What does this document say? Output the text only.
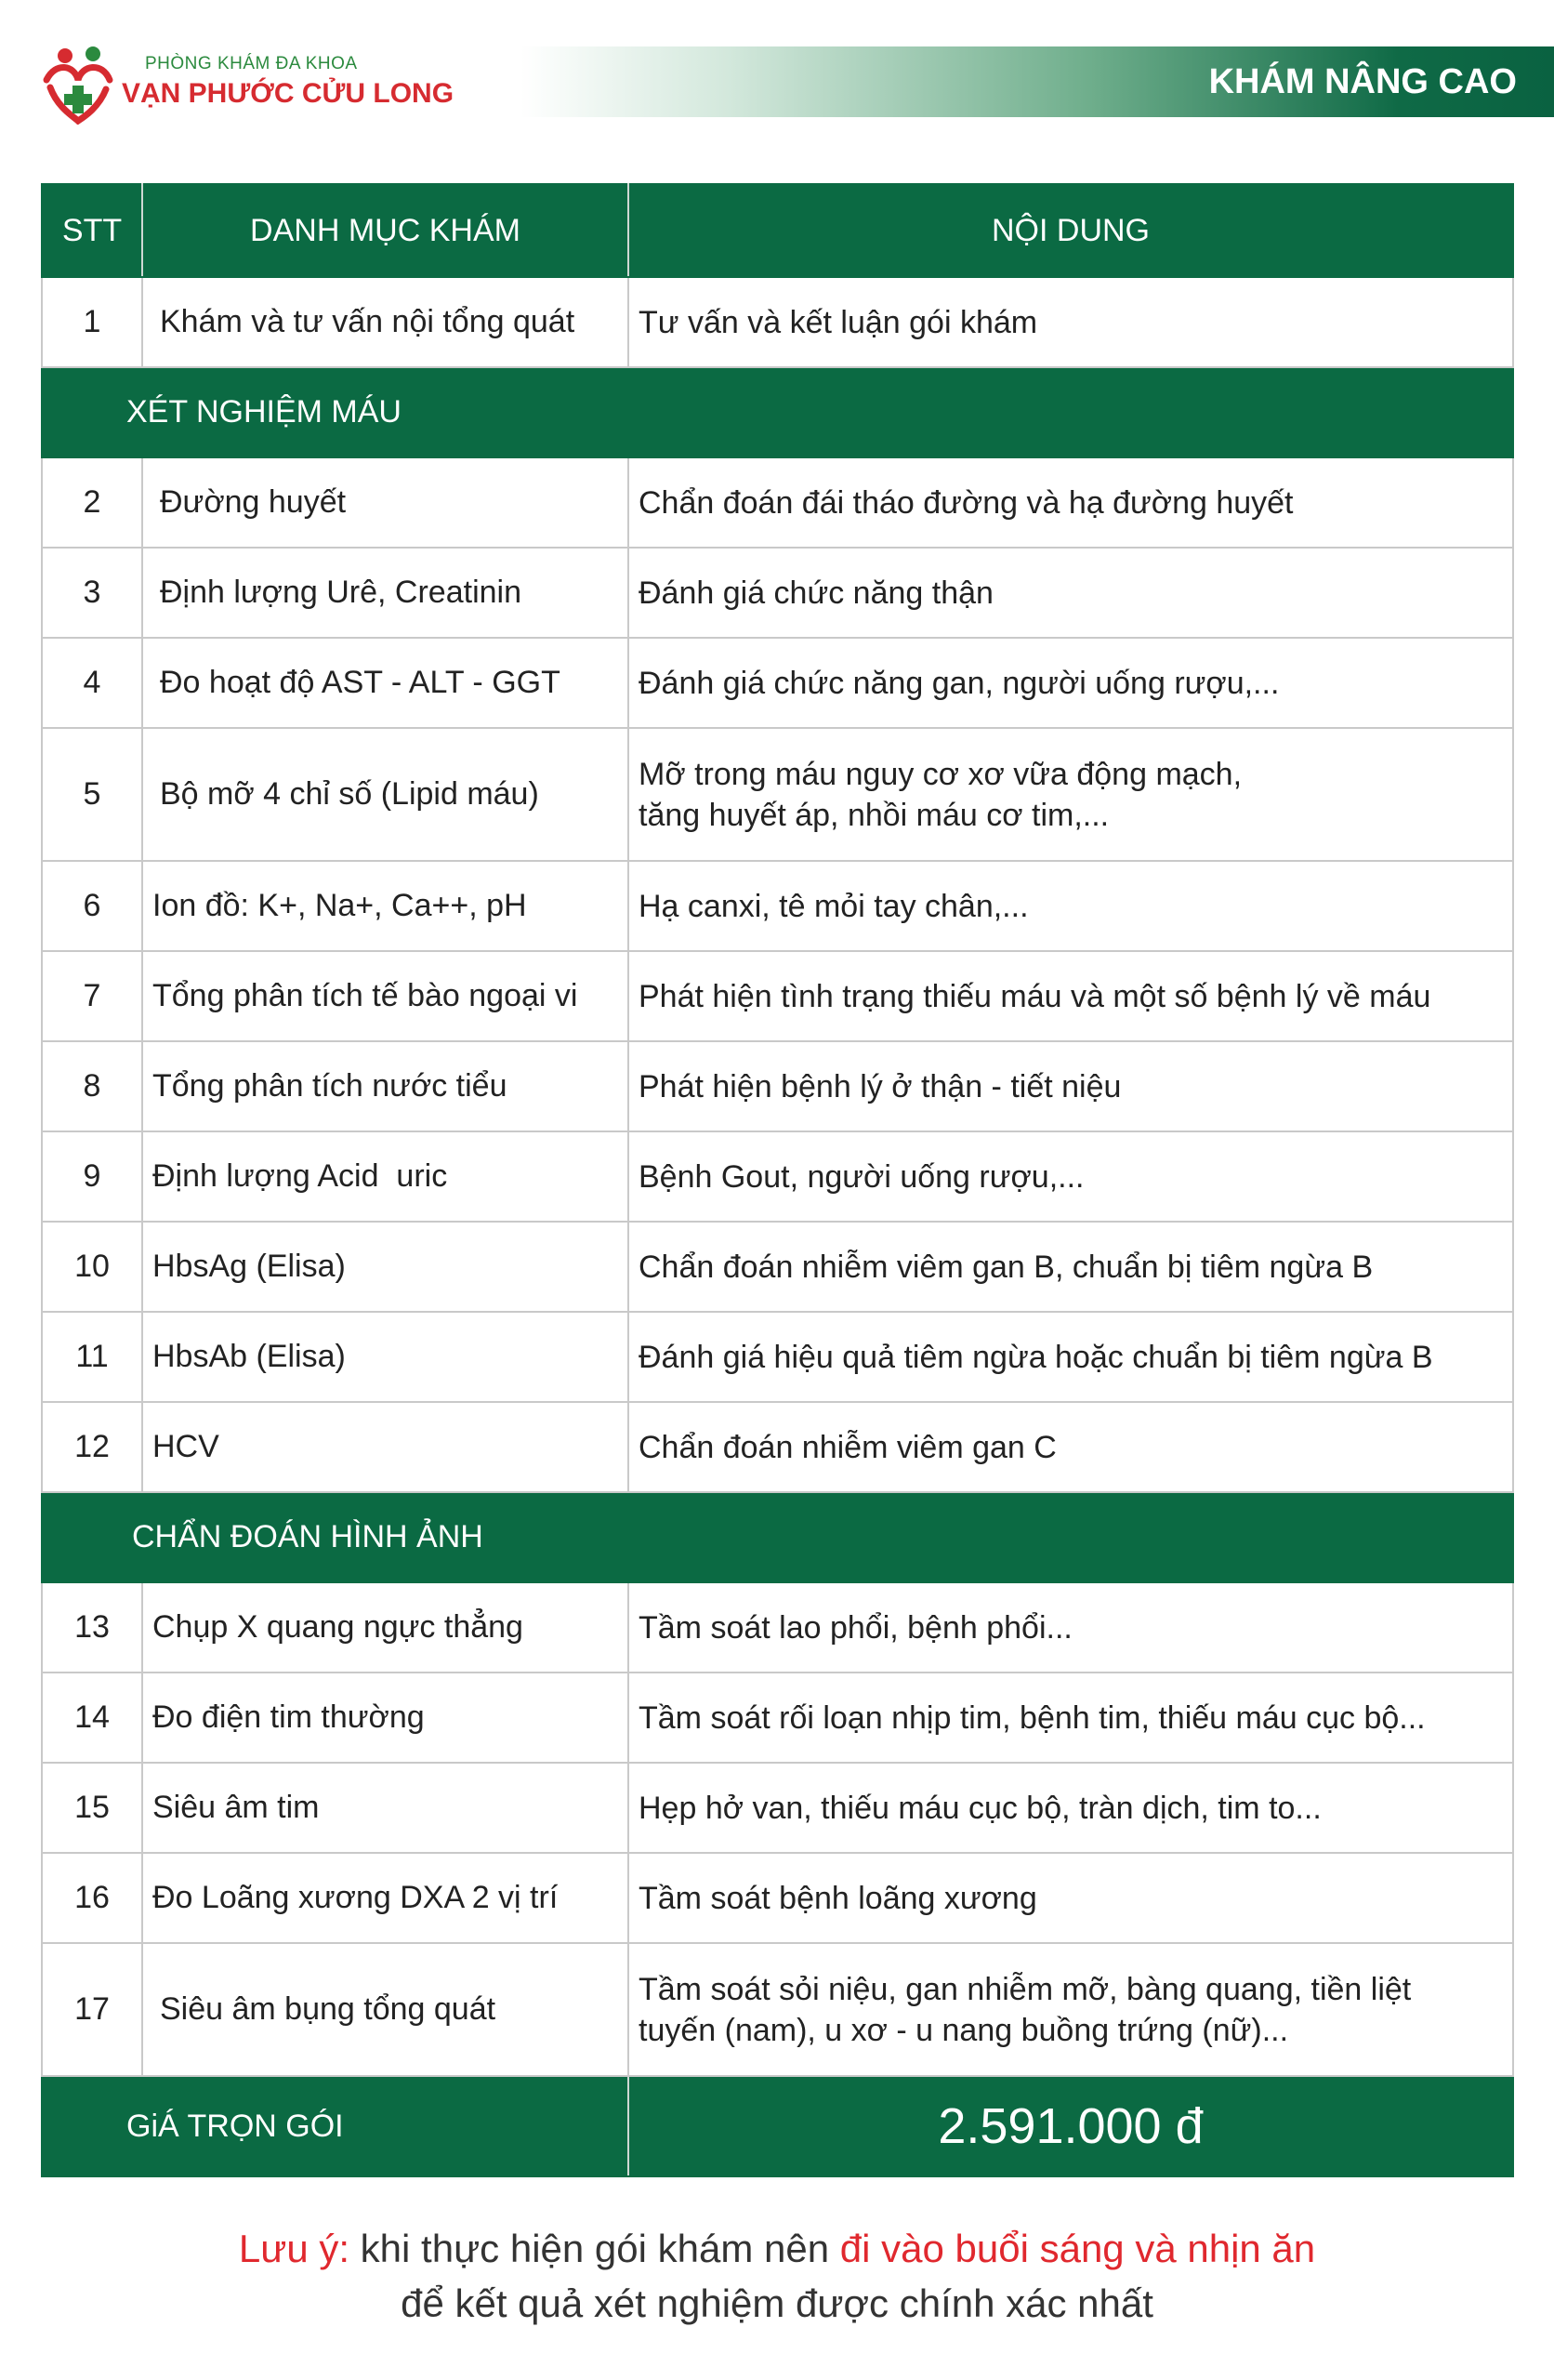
PHÒNG KHÁM ĐA KHOA
VẠN PHƯỚC CỬU LONG	KHÁM NÂNG CAO
STT	DANH MỤC KHÁM	NỘI DUNG
1	Khám và tư vấn nội tổng quát	Tư vấn và kết luận gói khám
XÉT NGHIỆM MÁU		
2	Đường huyết	Chẩn đoán đái tháo đường và hạ đường huyết
3	Định lượng Urê, Creatinin	Đánh giá chức năng thận
4	Đo hoạt độ AST - ALT - GGT	Đánh giá chức năng gan, người uống rượu,...
5	Bộ mỡ 4 chỉ số (Lipid máu)	Mỡ trong máu nguy cơ xơ vữa động mạch,
tăng huyết áp, nhồi máu cơ tim,...

6	Ion đồ: K+, Na+, Ca++, pH	Hạ canxi, tê mỏi tay chân,...
7	Tổng phân tích tế bào ngoại vi	Phát hiện tình trạng thiếu máu và một số bệnh lý về máu
8	Tổng phân tích nước tiểu	Phát hiện bệnh lý ở thận - tiết niệu
9	Định lượng Acid  uric	Bệnh Gout, người uống rượu,...
10	HbsAg (Elisa)	Chẩn đoán nhiễm viêm gan B, chuẩn bị tiêm ngừa B
11	HbsAb (Elisa)	Đánh giá hiệu quả tiêm ngừa hoặc chuẩn bị tiêm ngừa B
12	HCV	Chẩn đoán nhiễm viêm gan C
CHẨN ĐOÁN HÌNH ẢNH		
13	Chụp X quang ngực thẳng	Tầm soát lao phổi, bệnh phổi...
14	Đo điện tim thường	Tầm soát rối loạn nhịp tim, bệnh tim, thiếu máu cục bộ...
15	Siêu âm tim	Hẹp hở van, thiếu máu cục bộ, tràn dịch, tim to...
16	Đo Loãng xương DXA 2 vị trí	Tầm soát bệnh loãng xương
17	Siêu âm bụng tổng quát	Tầm soát sỏi niệu, gan nhiễm mỡ, bàng quang, tiền liệt
tuyến (nam), u xơ - u nang buồng trứng (nữ)...

GiÁ TRỌN GÓI		2.591.000 đ
Lưu ý: khi thực hiện gói khám nên đi vào buổi sáng và nhịn ăn
để kết quả xét nghiệm được chính xác nhất
